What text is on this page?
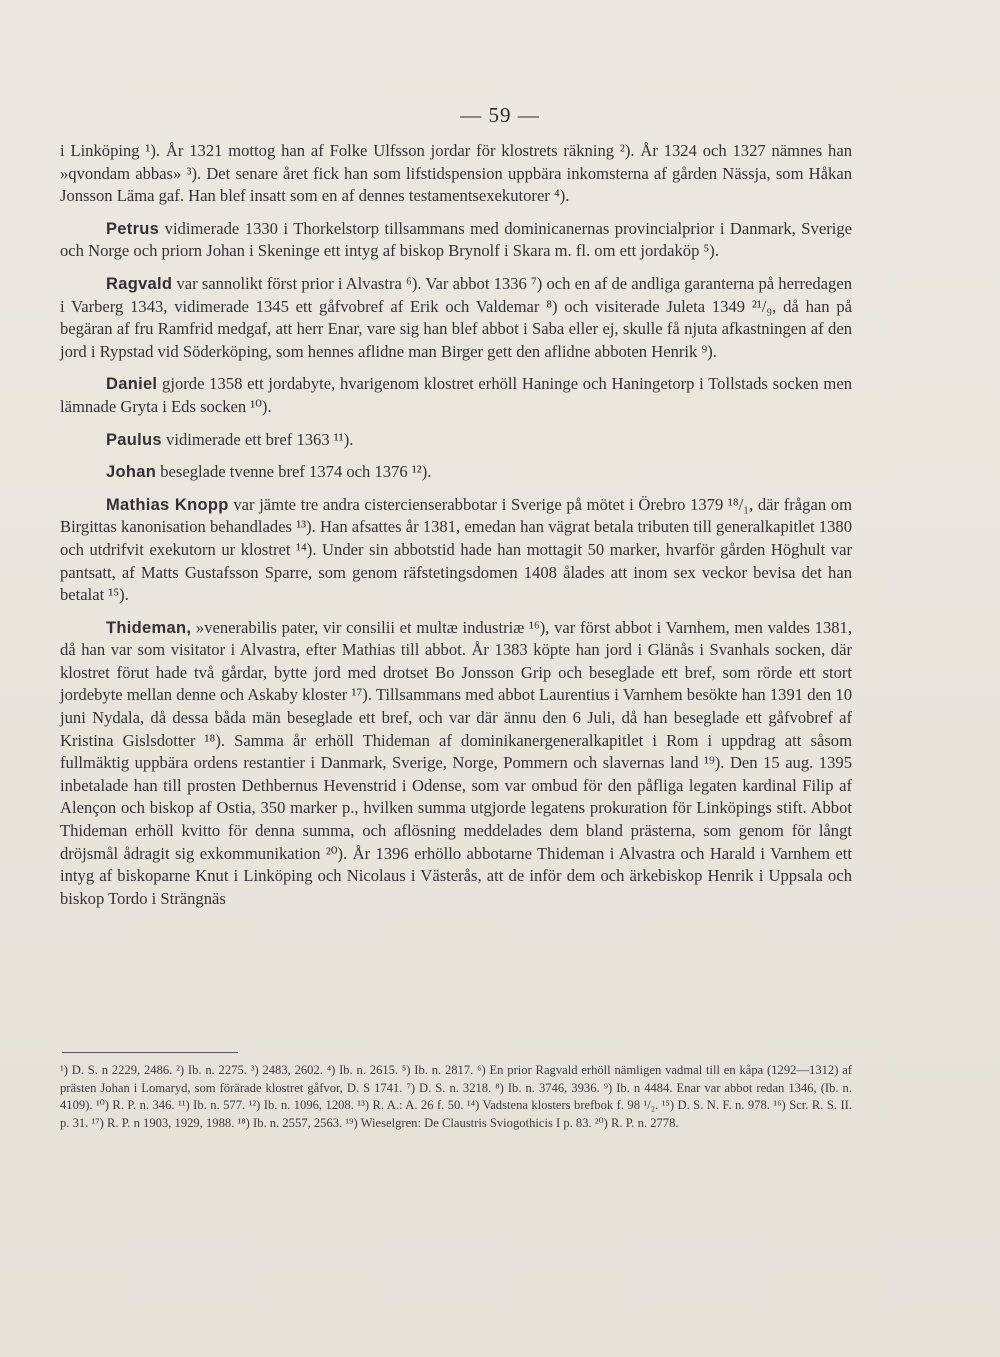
— 59 —

i Linköping ¹). År 1321 mottog han af Folke Ulfsson jordar för klostrets räkning ²). År 1324 och 1327 nämnes han »qvondam abbas» ³). Det senare året fick han som lifstidspension uppbära inkomsterna af gården Nässja, som Håkan Jonsson Läma gaf. Han blef insatt som en af dennes testamentsexekutorer ⁴).

Petrus vidimerade 1330 i Thorkelstorp tillsammans med dominicanernas provincialprior i Danmark, Sverige och Norge och priorn Johan i Skeninge ett intyg af biskop Brynolf i Skara m. fl. om ett jordaköp ⁵).

Ragvald var sannolikt först prior i Alvastra ⁶). Var abbot 1336 ⁷) och en af de andliga garanterna på herredagen i Varberg 1343, vidimerade 1345 ett gåfvobref af Erik och Valdemar ⁸) och visiterade Juleta 1349 ²¹/₉, då han på begäran af fru Ramfrid medgaf, att herr Enar, vare sig han blef abbot i Saba eller ej, skulle få njuta afkastningen af den jord i Rypstad vid Söderköping, som hennes aflidne man Birger gett den aflidne abboten Henrik ⁹).

Daniel gjorde 1358 ett jordabyte, hvarigenom klostret erhöll Haninge och Haningetorp i Tollstads socken men lämnade Gryta i Eds socken ¹⁰).

Paulus vidimerade ett bref 1363 ¹¹).

Johan beseglade tvenne bref 1374 och 1376 ¹²).

Mathias Knopp var jämte tre andra cistercienserabbotar i Sverige på mötet i Örebro 1379 ¹⁸/₁, där frågan om Birgittas kanonisation behandlades ¹³). Han afsattes år 1381, emedan han vägrat betala tributen till generalkapitlet 1380 och utdrifvit exekutorn ur klostret ¹⁴). Under sin abbotstid hade han mottagit 50 marker, hvarför gården Höghult var pantsatt, af Matts Gustafsson Sparre, som genom räfstetingsdomen 1408 ålades att inom sex veckor bevisa det han betalat ¹⁵).

Thideman, »venerabilis pater, vir consilii et multæ industriæ ¹⁶), var först abbot i Varnhem, men valdes 1381, då han var som visitator i Alvastra, efter Mathias till abbot. År 1383 köpte han jord i Glänås i Svanhals socken, där klostret förut hade två gårdar, bytte jord med drotset Bo Jonsson Grip och beseglade ett bref, som rörde ett stort jordebyte mellan denne och Askaby kloster ¹⁷). Tillsammans med abbot Laurentius i Varnhem besökte han 1391 den 10 juni Nydala, då dessa båda män beseglade ett bref, och var där ännu den 6 Juli, då han beseglade ett gåfvobref af Kristina Gislsdotter ¹⁸). Samma år erhöll Thideman af dominikanergeneralkapitlet i Rom i uppdrag att såsom fullmäktig uppbära ordens restantier i Danmark, Sverige, Norge, Pommern och slavernas land ¹⁹). Den 15 aug. 1395 inbetalade han till prosten Dethbernus Hevenstrid i Odense, som var ombud för den påfliga legaten kardinal Filip af Alençon och biskop af Ostia, 350 marker p., hvilken summa utgjorde legatens prokuration för Linköpings stift. Abbot Thideman erhöll kvitto för denna summa, och aflösning meddelades dem bland prästerna, som genom för långt dröjsmål ådragit sig exkommunikation ²⁰). År 1396 erhöllo abbotarne Thideman i Alvastra och Harald i Varnhem ett intyg af biskoparne Knut i Linköping och Nicolaus i Västerås, att de inför dem och ärkebiskop Henrik i Uppsala och biskop Tordo i Strängnäs

¹) D. S. n 2229, 2486. ²) Ib. n. 2275. ³) 2483, 2602. ⁴) Ib. n. 2615. ⁵) Ib. n. 2817. ⁶) En prior Ragvald erhöll nämligen vadmal till en kåpa (1292—1312) af prästen Johan i Lomaryd, som förärade klostret gåfvor, D. S 1741. ⁷) D. S. n. 3218. ⁸) Ib. n. 3746, 3936. ⁹) Ib. n 4484. Enar var abbot redan 1346, (Ib. n. 4109). ¹⁰) R. P. n. 346. ¹¹) Ib. n. 577. ¹²) Ib. n. 1096, 1208. ¹³) R. A.: A. 26 f. 50. ¹⁴) Vadstena klosters brefbok f. 98 ¹/₂. ¹⁵) D. S. N. F. n. 978. ¹⁶) Scr. R. S. II. p. 31. ¹⁷) R. P. n 1903, 1929, 1988. ¹⁸) Ib. n. 2557, 2563. ¹⁹) Wieselgren: De Claustris Sviogothicis I p. 83. ²⁰) R. P. n. 2778.
